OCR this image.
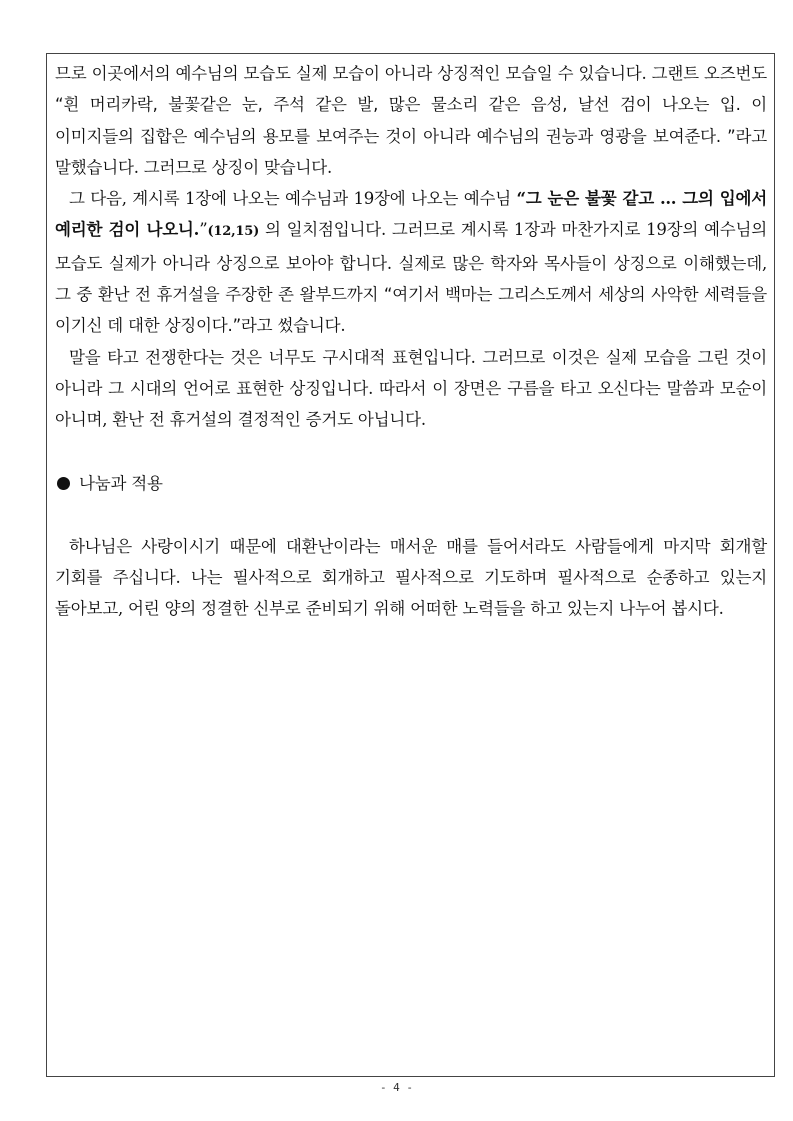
므로 이곳에서의 예수님의 모습도 실제 모습이 아니라 상징적인 모습일 수 있습니다. 그랜트 오즈번도 “흰 머리카락, 불꽃같은 눈, 주석 같은 발, 많은 물소리 같은 음성, 날선 검이 나오는 입. 이 이미지들의 집합은 예수님의 용모를 보여주는 것이 아니라 예수님의 권능과 영광을 보여준다. ”라고 말했습니다. 그러므로 상징이 맞습니다.

그 다음, 계시록 1장에 나오는 예수님과 19장에 나오는 예수님 “그 눈은 불꽃 같고 … 그의 입에서 예리한 검이 나오니.”(12,15) 의 일치점입니다. 그러므로 계시록 1장과 마찬가지로 19장의 예수님의 모습도 실제가 아니라 상징으로 보아야 합니다. 실제로 많은 학자와 목사들이 상징으로 이해했는데, 그 중 환난 전 휴거설을 주장한 존 왈부드까지 “여기서 백마는 그리스도께서 세상의 사악한 세력들을 이기신 데 대한 상징이다.”라고 썼습니다.

말을 타고 전쟁한다는 것은 너무도 구시대적 표현입니다. 그러므로 이것은 실제 모습을 그린 것이 아니라 그 시대의 언어로 표현한 상징입니다. 따라서 이 장면은 구름을 타고 오신다는 말씀과 모순이 아니며, 환난 전 휴거설의 결정적인 증거도 아닙니다.

나눔과 적용

하나님은 사랑이시기 때문에 대환난이라는 매서운 매를 들어서라도 사람들에게 마지막 회개할 기회를 주십니다. 나는 필사적으로 회개하고 필사적으로 기도하며 필사적으로 순종하고 있는지 돌아보고, 어린 양의 정결한 신부로 준비되기 위해 어떠한 노력들을 하고 있는지 나누어 봅시다.

- 4 -
